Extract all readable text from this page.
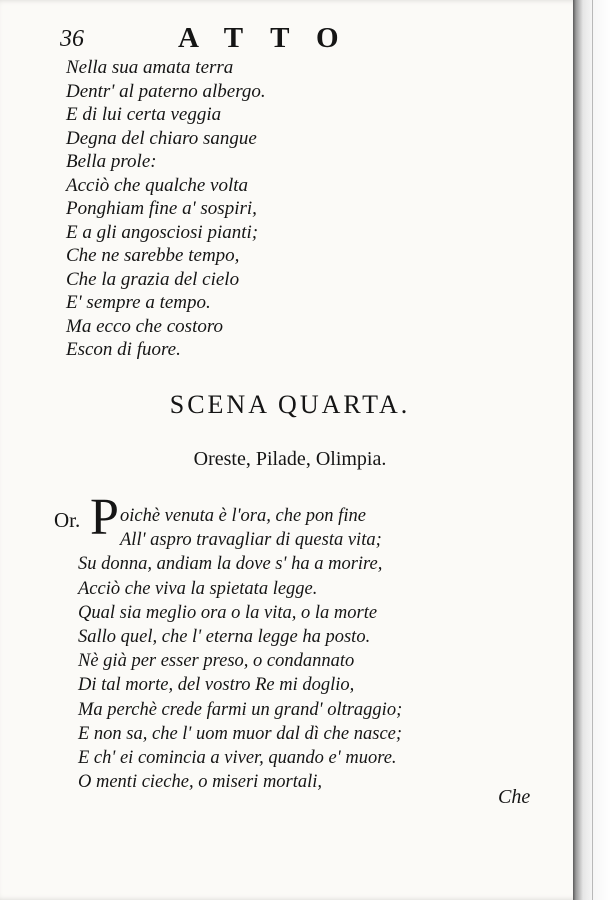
36	ATTO
Nella sua amata terra
Dentr' al paterno albergo.
E di lui certa veggia
Degna del chiaro sangue
Bella prole:
Acciò che qualche volta
Ponghiam fine a' sospiri,
E a gli angosciosi pianti;
Che ne sarebbe tempo,
Che la grazia del cielo
E' sempre a tempo.
Ma ecco che costoro
Escon di fuore.
SCENA QUARTA.
Oreste, Pilade, Olimpia.
Or. P oichè venuta è l'ora, che pon fine
All' aspro travagliar di questa vita;
Su donna, andiam la dove s' ha a morire,
Acciò che viva la spietata legge.
Qual sia meglio ora o la vita, o la morte
Sallo quel, che l' eterna legge ha posto.
Nè già per esser preso, o condannato
Di tal morte, del vostro Re mi doglio,
Ma perchè crede farmi un grand' oltraggio;
E non sa, che l' uom muor dal dì che nasce;
E ch' ei comincia a viver, quando e' muore.
O menti cieche, o miseri mortali,
Che
